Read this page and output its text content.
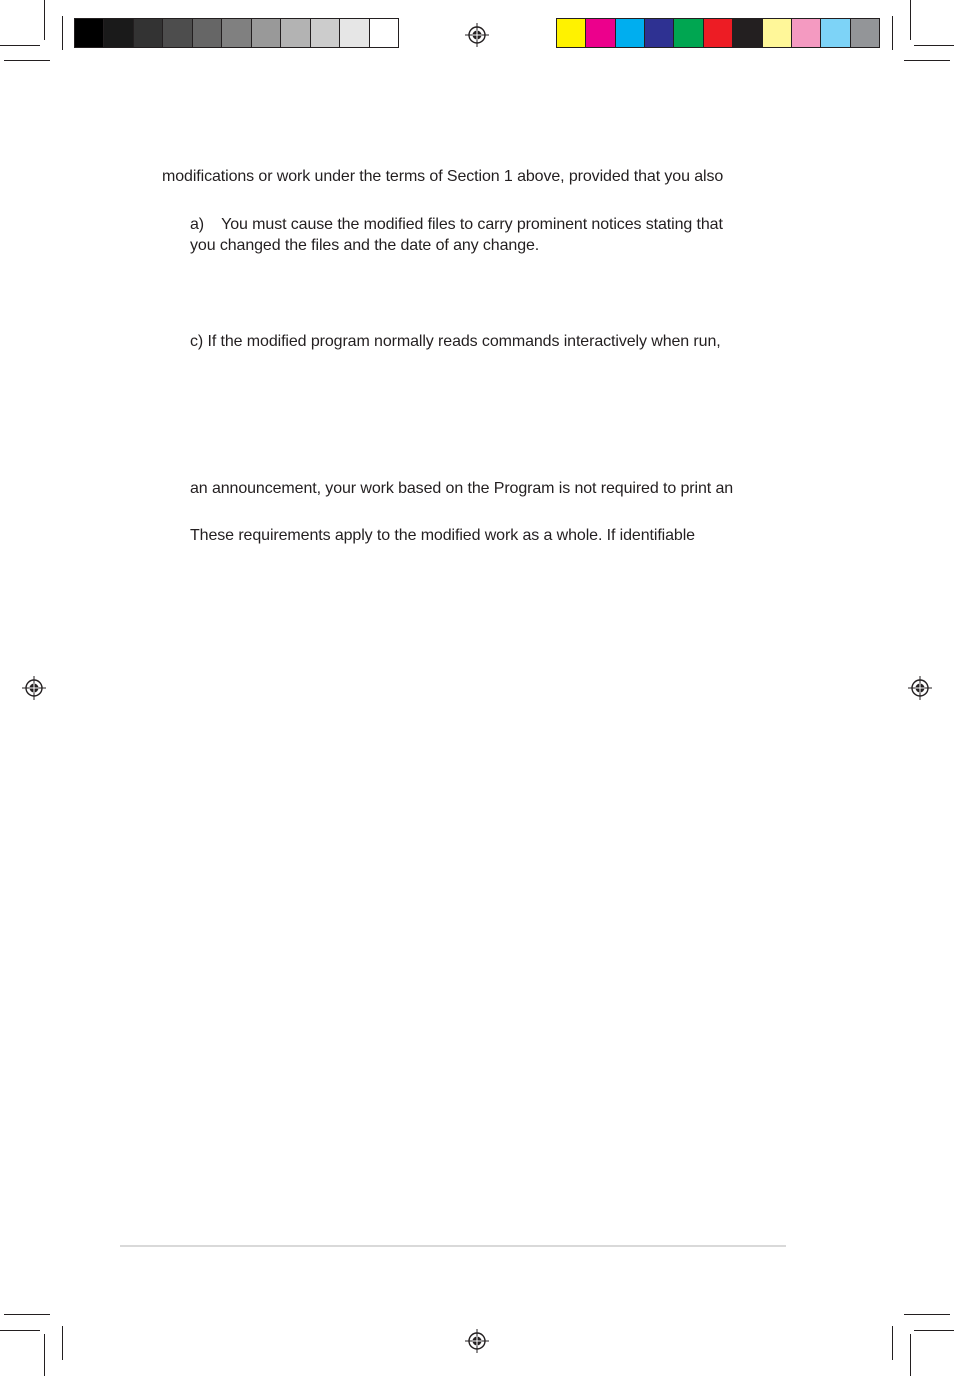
modifications or work under the terms of Section 1 above, provided that you also
a)    You must cause the modified files to carry prominent notices stating that
you changed the files and the date of any change.
c) If the modified program normally reads commands interactively when run,
an announcement, your work based on the Program is not required to print an
These requirements apply to the modified work as a whole. If identifiable
